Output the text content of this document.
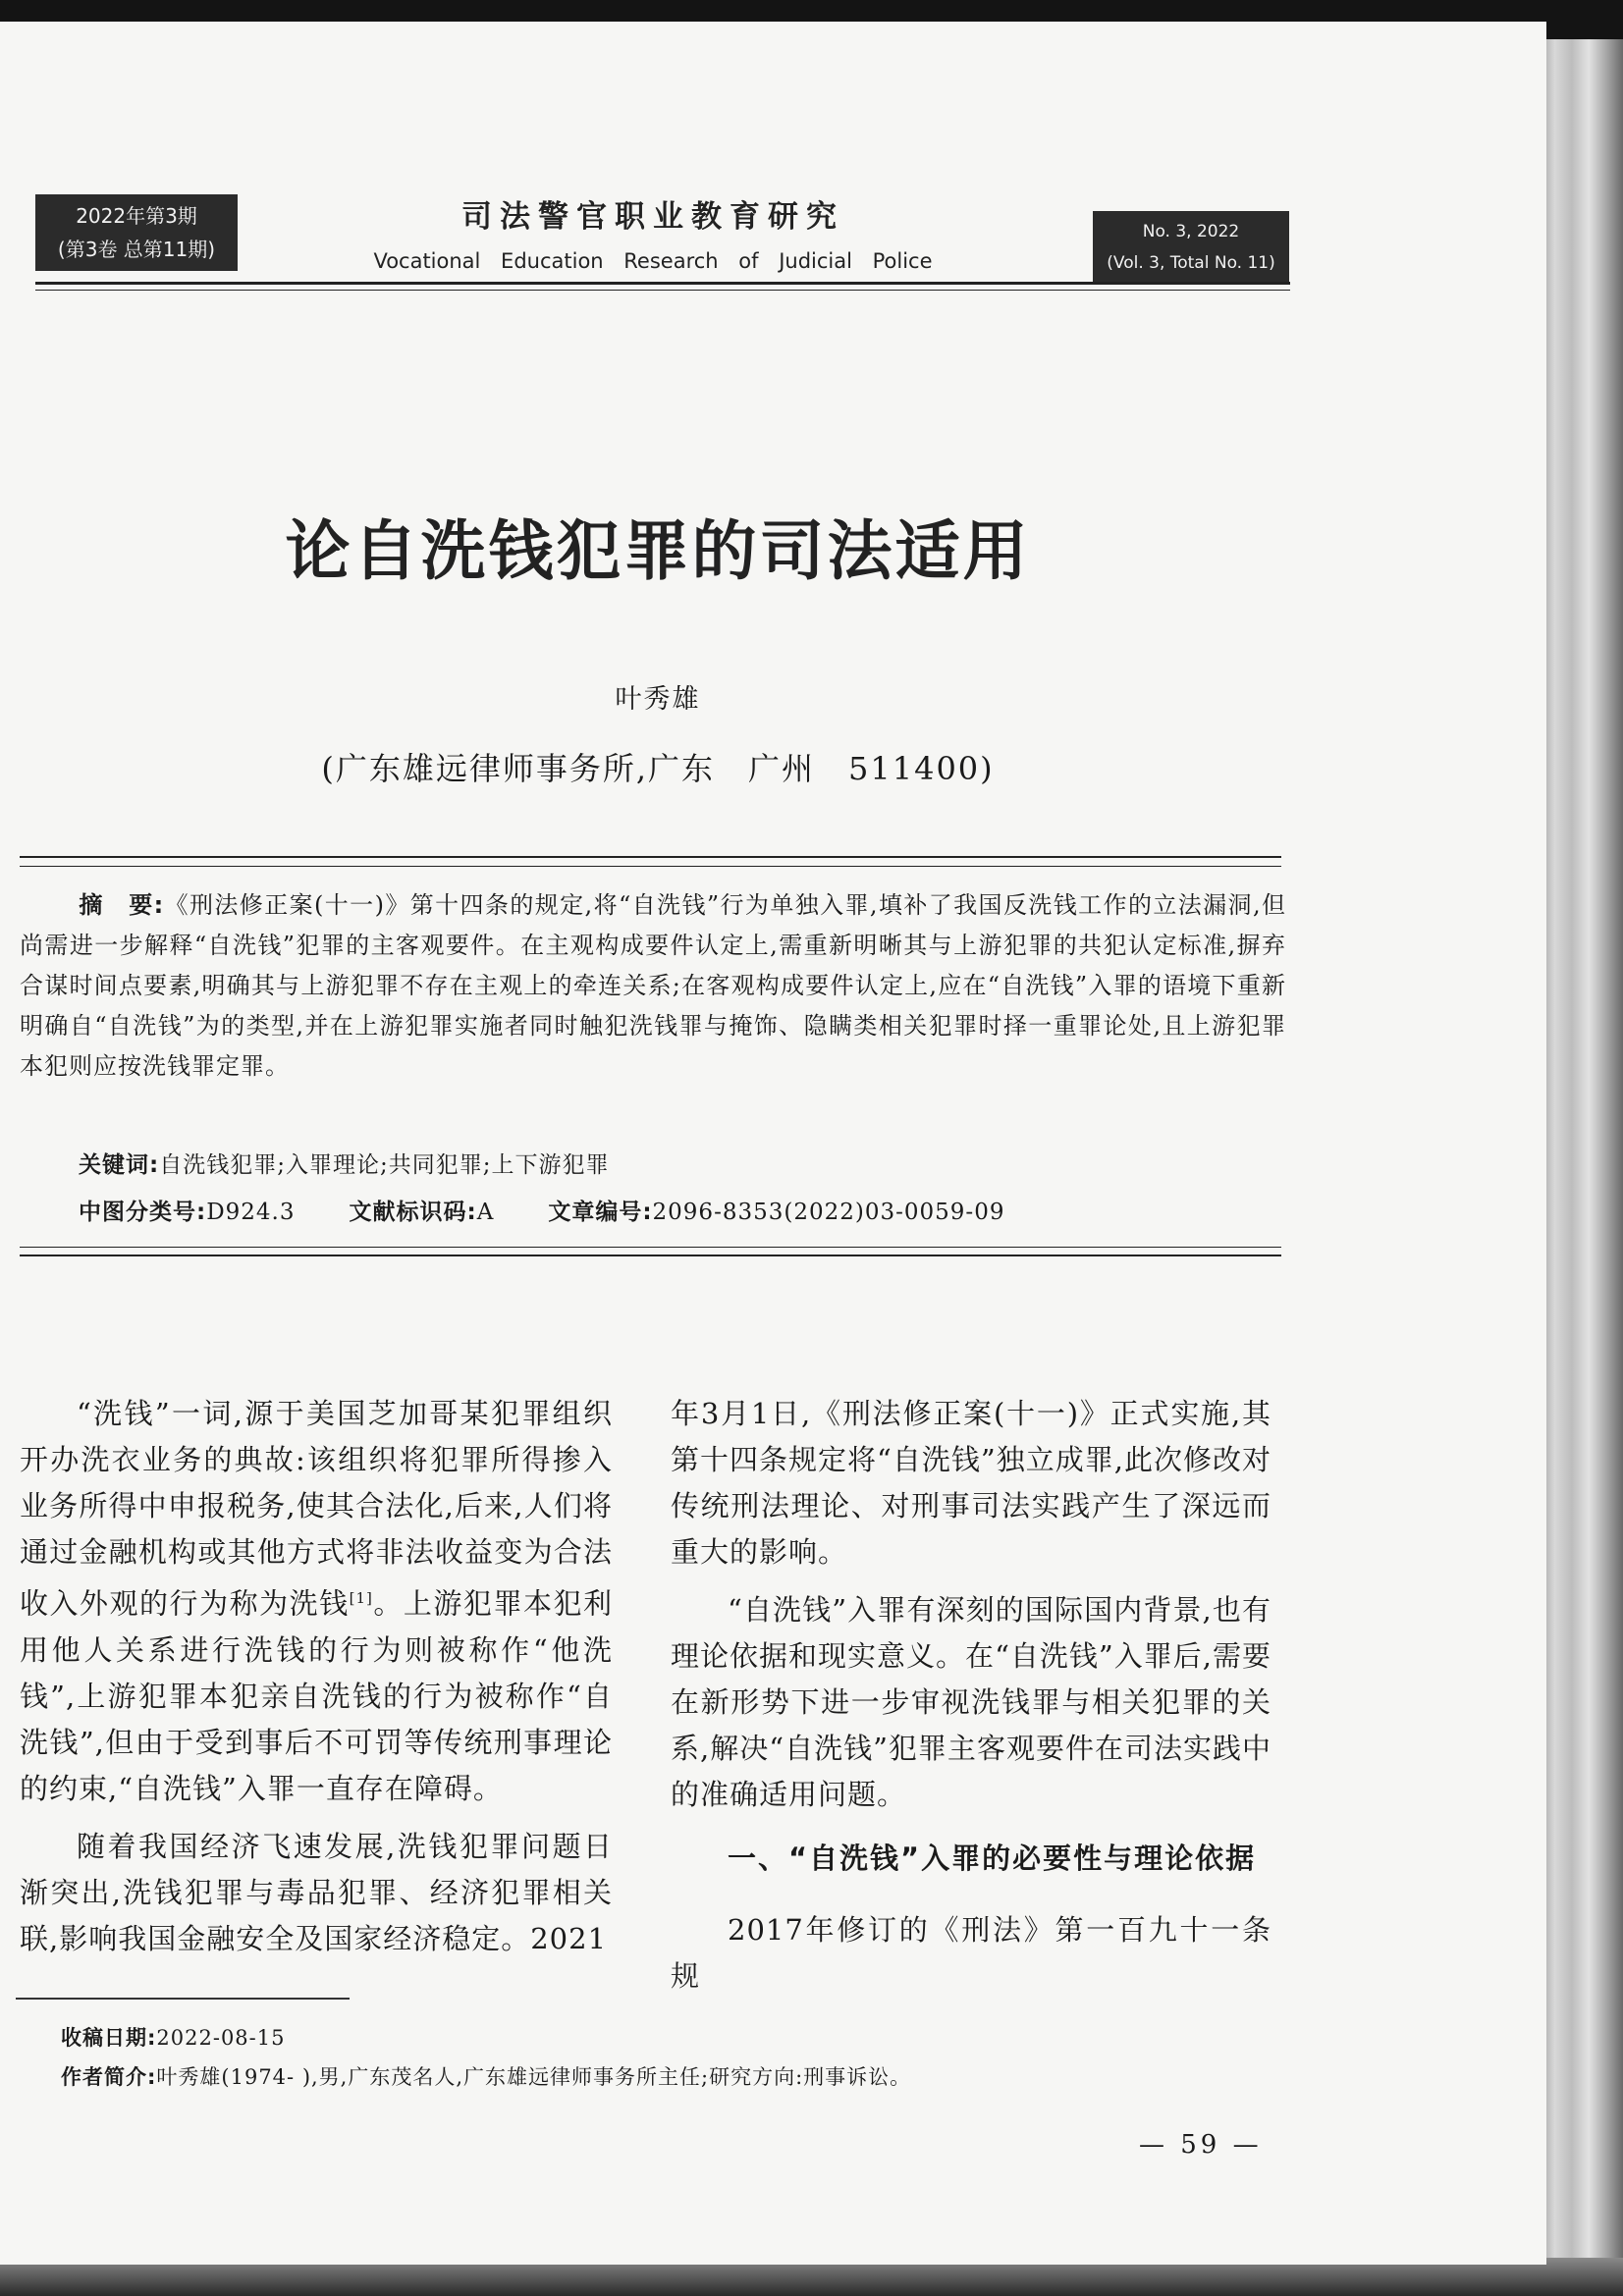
2022年第3期
(第3卷 总第11期)
司法警官职业教育研究
Vocational Education Research of Judicial Police
No. 3, 2022
(Vol. 3, Total No. 11)
论自洗钱犯罪的司法适用
叶秀雄
(广东雄远律师事务所,广东　广州　511400)
摘　要:《刑法修正案(十一)》第十四条的规定,将“自洗钱”行为单独入罪,填补了我国反洗钱工作的立法漏洞,但尚需进一步解释“自洗钱”犯罪的主客观要件。在主观构成要件认定上,需重新明晰其与上游犯罪的共犯认定标准,摒弃合谋时间点要素,明确其与上游犯罪不存在主观上的牵连关系;在客观构成要件认定上,应在“自洗钱”入罪的语境下重新明确自“自洗钱”为的类型,并在上游犯罪实施者同时触犯洗钱罪与掩饰、隐瞒类相关犯罪时择一重罪论处,且上游犯罪本犯则应按洗钱罪定罪。
关键词:自洗钱犯罪;入罪理论;共同犯罪;上下游犯罪
中图分类号:D924.3 文献标识码:A 文章编号:2096-8353(2022)03-0059-09

“洗钱”一词,源于美国芝加哥某犯罪组织开办洗衣业务的典故:该组织将犯罪所得掺入业务所得中申报税务,使其合法化,后来,人们将通过金融机构或其他方式将非法收益变为合法收入外观的行为称为洗钱[1]。上游犯罪本犯利用他人关系进行洗钱的行为则被称作“他洗钱”,上游犯罪本犯亲自洗钱的行为被称作“自洗钱”,但由于受到事后不可罚等传统刑事理论的约束,“自洗钱”入罪一直存在障碍。

随着我国经济飞速发展,洗钱犯罪问题日渐突出,洗钱犯罪与毒品犯罪、经济犯罪相关联,影响我国金融安全及国家经济稳定。2021

年3月1日,《刑法修正案(十一)》正式实施,其第十四条规定将“自洗钱”独立成罪,此次修改对传统刑法理论、对刑事司法实践产生了深远而重大的影响。

“自洗钱”入罪有深刻的国际国内背景,也有理论依据和现实意义。在“自洗钱”入罪后,需要在新形势下进一步审视洗钱罪与相关犯罪的关系,解决“自洗钱”犯罪主客观要件在司法实践中的准确适用问题。

一、“自洗钱”入罪的必要性与理论依据

2017年修订的《刑法》第一百九十一条规

收稿日期:2022-08-15
作者简介:叶秀雄(1974- ),男,广东茂名人,广东雄远律师事务所主任;研究方向:刑事诉讼。
— 59 —
